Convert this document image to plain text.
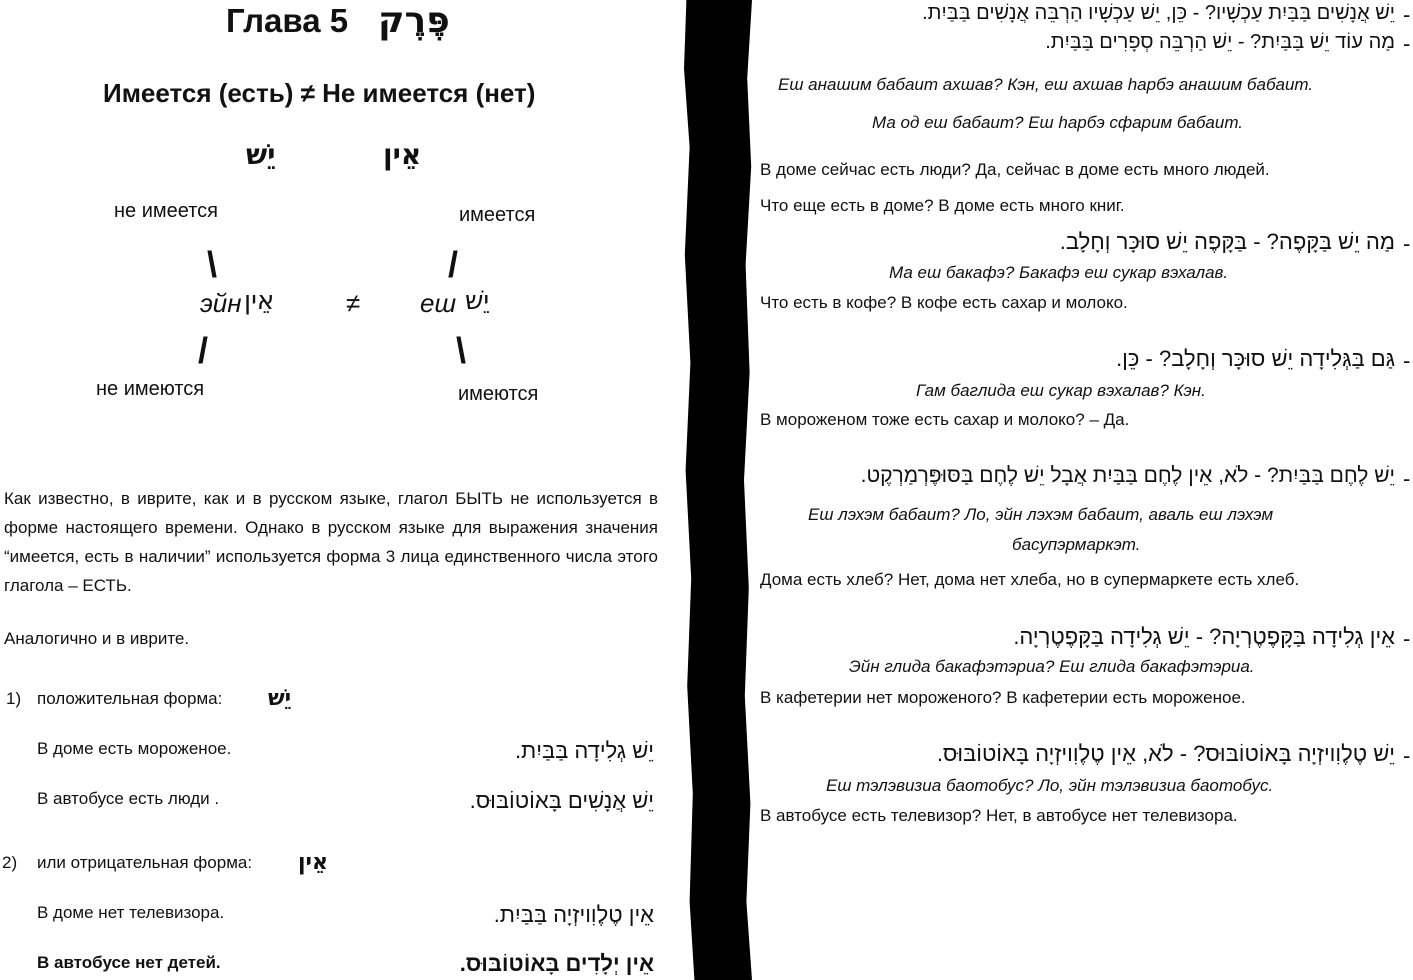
Глава 5 פֶּרֶק
Имеется (есть) ≠ Не имеется (нет)
יֵשׁ	אֵין
не имеется	имеется
\	/
эйн אֵין	≠ еш יֵשׁ
/	\
не имеются	имеются
Как известно, в иврите, как и в русском языке, глагол БЫТЬ не используется в форме настоящего времени. Однако в русском языке для выражения значения “имеется, есть в наличии” используется форма 3 лица единственного числа этого глагола – ЕСТЬ.
Аналогично и в иврите.
1) положительная форма: יֵשׁ
В доме есть мороженое.	יֵשׁ גְלִידָה בַּבַּיִת.
В автобусе есть люди .	יֵשׁ אֲנָשִׁים בָּאוֹטוֹבּוּס.
2) или отрицательная форма: אֵין
В доме нет телевизора.	אֵין טֶלֶוִויזְיָה בַּבַּיִת.
В автобусе нет детей.	אֵין יְלָדִים בָּאוֹטוֹבּוּס.
יֵשׁ אֲנָשִׁים בַּבַּיִת עַכְשָׁיו? - כֵּן, יֵשׁ עַכְשָׁיו הַרְבֵּה אֲנָשִׁים בַּבַּיִת. -
מַה עוֹד יֵשׁ בַּבַּיִת? - יֵשׁ הַרְבֵּה סְפָרִים בַּבַּיִת. -
Еш анашим бабаит ахшав? Кэн, еш ахшав hарбэ анашим бабаит.
Ма од еш бабаит? Еш hарбэ сфарим бабаит.
В доме сейчас есть люди? Да, сейчас в доме есть много людей.
Что еще есть в доме? В доме есть много книг.
מַה יֵשׁ בַּקָּפֶה? - בַּקָּפֶה יֵשׁ סוּכָּר וְחָלָב. -
Ма еш бакафэ? Бакафэ еш сукар вэхалав.
Что есть в кофе? В кофе есть сахар и молоко.
גַּם בַּגְּלִידָה יֵשׁ סוּכָּר וְחָלָב? - כֵּן. -
Гам баглида еш сукар вэхалав? Кэн.
В мороженом тоже есть сахар и молоко? – Да.
יֵשׁ לֶחֶם בַּבַּיִת? - לֹא, אֵין לֶחֶם בַּבַּיִת אֲבָל יֵשׁ לֶחֶם בַּסּוּפֶּרְמַרְקֶט. -
Еш лэхэм бабаит? Ло, эйн лэхэм бабаит, аваль еш лэхэм
басупэрмаркэт.
Дома есть хлеб? Нет, дома нет хлеба, но в супермаркете есть хлеб.
אֵין גְלִידָה בַּקָּפֶטֶרְיָה? - יֵשׁ גְלִידָה בַּקָּפֶטֶרְיָה. -
Эйн глида бакафэтэриа? Еш глида бакафэтэриа.
В кафетерии нет мороженого? В кафетерии есть мороженое.
יֵשׁ טֶלֶוִויזְיָה בָּאוֹטוֹבּוּס? - לֹא, אֵין טֶלֶוִויזְיָה בָּאוֹטוֹבּוּס. -
Еш тэлэвизиа баотобус? Ло, эйн тэлэвизиа баотобус.
В автобусе есть телевизор? Нет, в автобусе нет телевизора.
